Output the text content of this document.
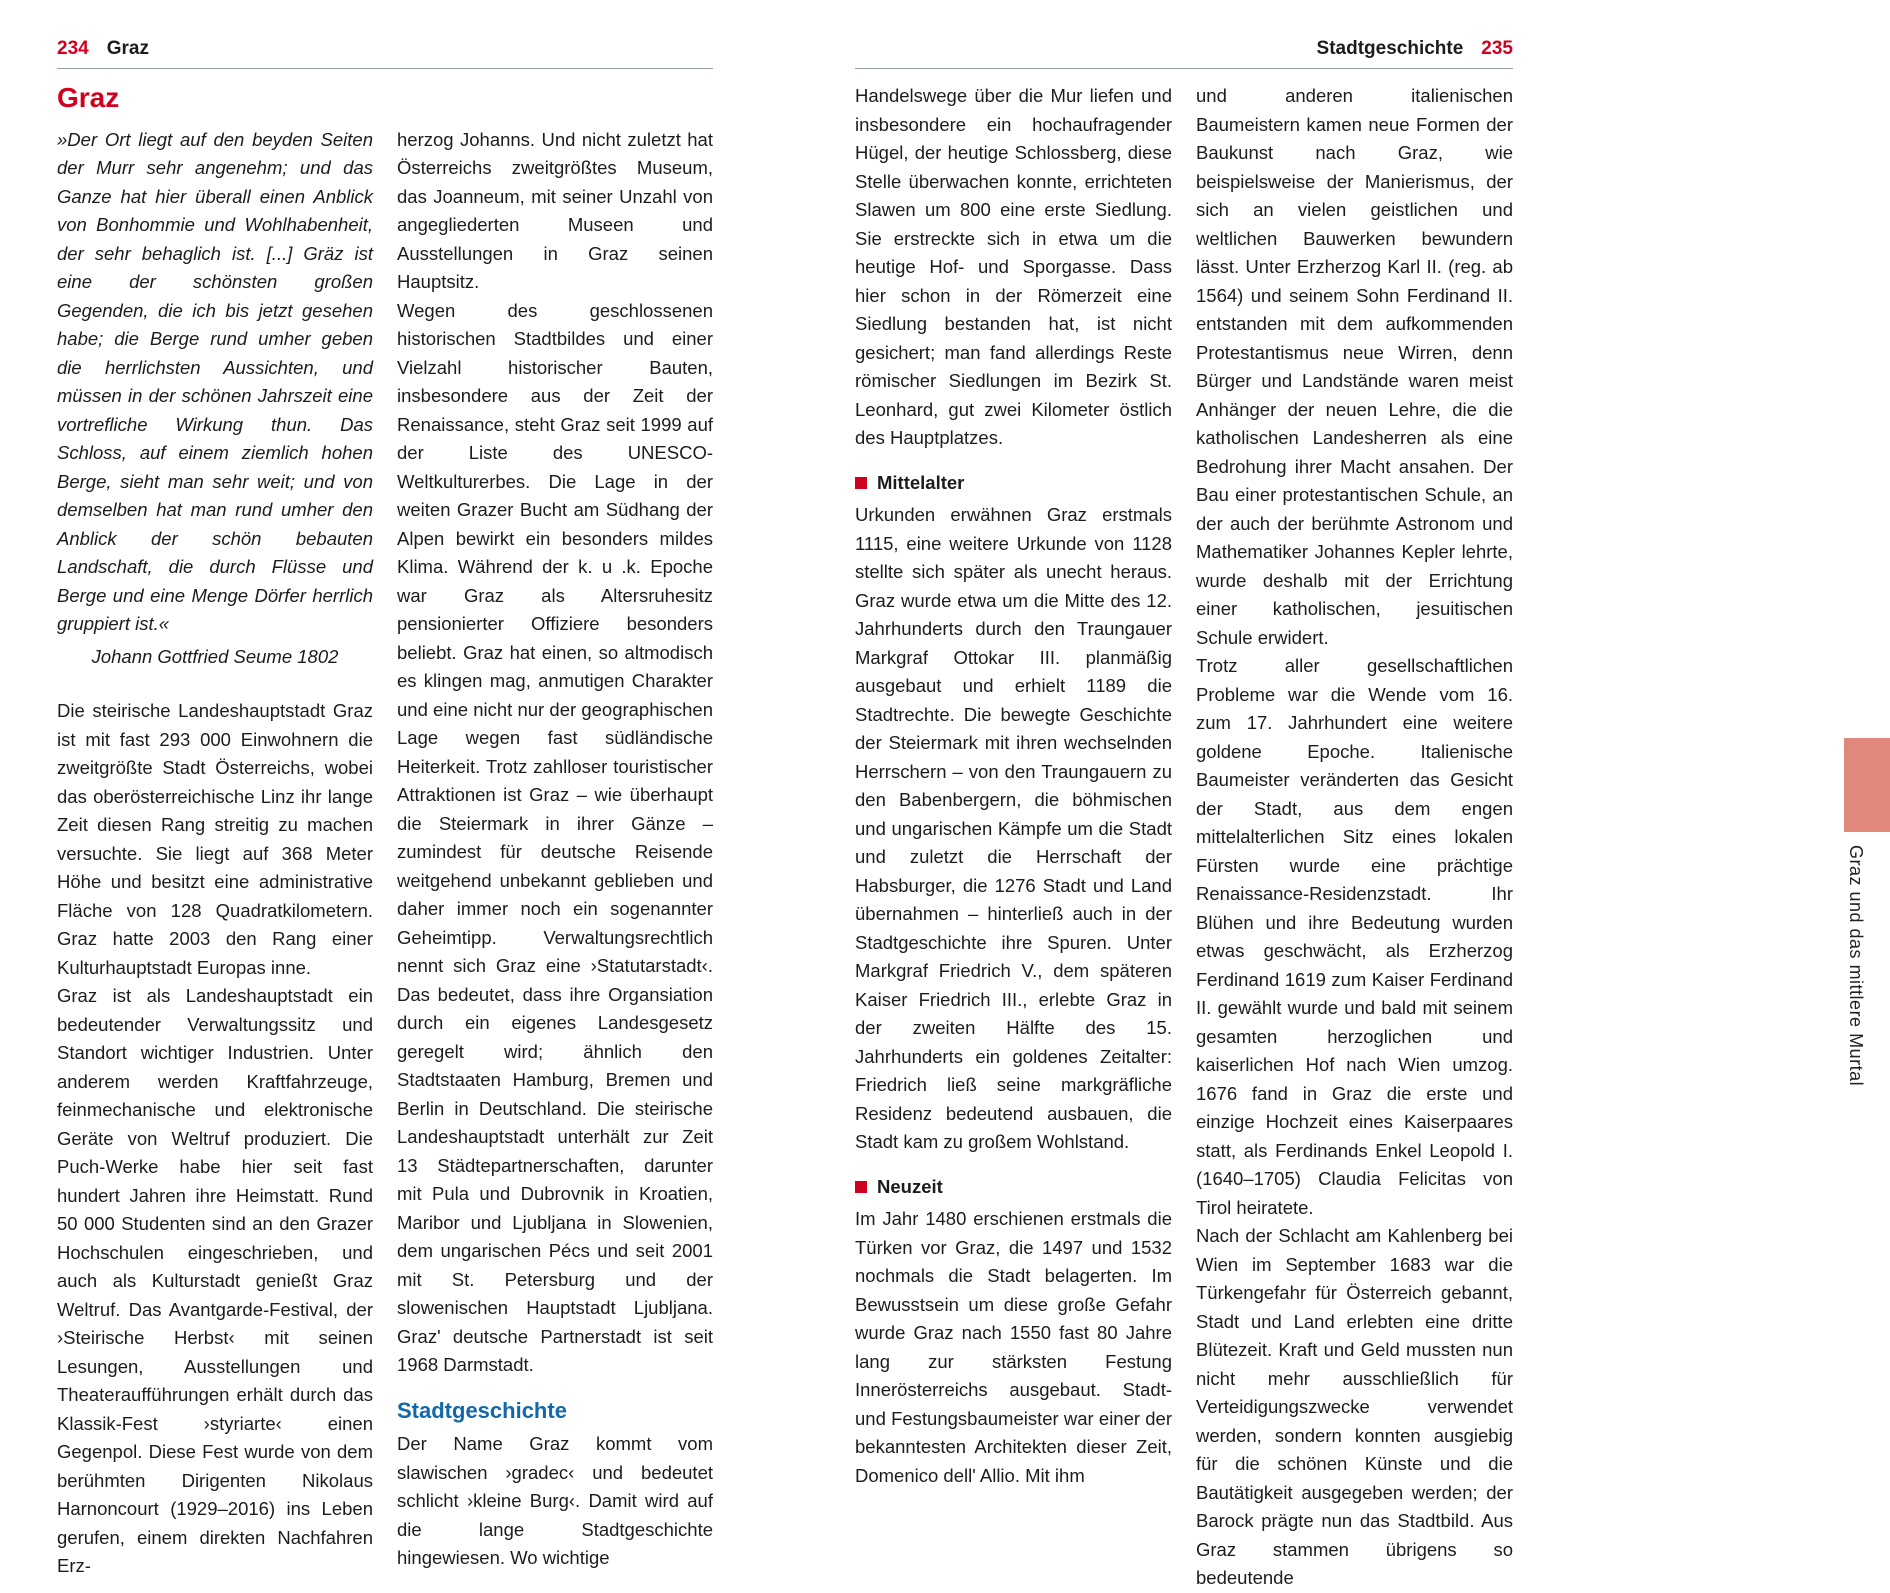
234 Graz
Graz

»Der Ort liegt auf den beyden Seiten der Murr sehr angenehm; und das Ganze hat hier überall einen Anblick von Bonhommie und Wohlhabenheit, der sehr behaglich ist. [...] Gräz ist eine der schönsten großen Gegenden, die ich bis jetzt gesehen habe; die Berge rund umher geben die herrlichsten Aussichten, und müssen in der schönen Jahrszeit eine vortrefliche Wirkung thun. Das Schloss, auf einem ziemlich hohen Berge, sieht man sehr weit; und von demselben hat man rund umher den Anblick der schön bebauten Landschaft, die durch Flüsse und Berge und eine Menge Dörfer herrlich gruppiert ist.«

Johann Gottfried Seume 1802

Die steirische Landeshauptstadt Graz ist mit fast 293 000 Einwohnern die zweitgrößte Stadt Österreichs, wobei das oberösterreichische Linz ihr lange Zeit diesen Rang streitig zu machen versuchte. Sie liegt auf 368 Meter Höhe und besitzt eine administrative Fläche von 128 Quadratkilometern. Graz hatte 2003 den Rang einer Kulturhauptstadt Europas inne.

Graz ist als Landeshauptstadt ein bedeutender Verwaltungssitz und Standort wichtiger Industrien. Unter anderem werden Kraftfahrzeuge, feinmechanische und elektronische Geräte von Weltruf produziert. Die Puch-Werke habe hier seit fast hundert Jahren ihre Heimstatt. Rund 50 000 Studenten sind an den Grazer Hochschulen eingeschrieben, und auch als Kulturstadt genießt Graz Weltruf. Das Avantgarde-Festival, der ›Steirische Herbst‹ mit seinen Lesungen, Ausstellungen und Theateraufführungen erhält durch das Klassik-Fest ›styriarte‹ einen Gegenpol. Diese Fest wurde von dem berühmten Dirigenten Nikolaus Harnoncourt (1929–2016) ins Leben gerufen, einem direkten Nachfahren Erz-

herzog Johanns. Und nicht zuletzt hat Österreichs zweitgrößtes Museum, das Joanneum, mit seiner Unzahl von angegliederten Museen und Ausstellungen in Graz seinen Hauptsitz.

Wegen des geschlossenen historischen Stadtbildes und einer Vielzahl historischer Bauten, insbesondere aus der Zeit der Renaissance, steht Graz seit 1999 auf der Liste des UNESCO-Weltkulturerbes. Die Lage in der weiten Grazer Bucht am Südhang der Alpen bewirkt ein besonders mildes Klima. Während der k. u .k. Epoche war Graz als Altersruhesitz pensionierter Offiziere besonders beliebt. Graz hat einen, so altmodisch es klingen mag, anmutigen Charakter und eine nicht nur der geographischen Lage wegen fast südländische Heiterkeit. Trotz zahlloser touristischer Attraktionen ist Graz – wie überhaupt die Steiermark in ihrer Gänze – zumindest für deutsche Reisende weitgehend unbekannt geblieben und daher immer noch ein sogenannter Geheimtipp. Verwaltungsrechtlich nennt sich Graz eine ›Statutarstadt‹. Das bedeutet, dass ihre Organsiation durch ein eigenes Landesgesetz geregelt wird; ähnlich den Stadtstaaten Hamburg, Bremen und Berlin in Deutschland. Die steirische Landeshauptstadt unterhält zur Zeit 13 Städtepartnerschaften, darunter mit Pula und Dubrovnik in Kroatien, Maribor und Ljubljana in Slowenien, dem ungarischen Pécs und seit 2001 mit St. Petersburg und der slowenischen Hauptstadt Ljubljana. Graz' deutsche Partnerstadt ist seit 1968 Darmstadt.

Stadtgeschichte

Der Name Graz kommt vom slawischen ›gradec‹ und bedeutet schlicht ›kleine Burg‹. Damit wird auf die lange Stadtgeschichte hingewiesen. Wo wichtige

Stadtgeschichte 235

Handelswege über die Mur liefen und insbesondere ein hochaufragender Hügel, der heutige Schlossberg, diese Stelle überwachen konnte, errichteten Slawen um 800 eine erste Siedlung. Sie erstreckte sich in etwa um die heutige Hof- und Sporgasse. Dass hier schon in der Römerzeit eine Siedlung bestanden hat, ist nicht gesichert; man fand allerdings Reste römischer Siedlungen im Bezirk St. Leonhard, gut zwei Kilometer östlich des Hauptplatzes.

Mittelalter

Urkunden erwähnen Graz erstmals 1115, eine weitere Urkunde von 1128 stellte sich später als unecht heraus. Graz wurde etwa um die Mitte des 12. Jahrhunderts durch den Traungauer Markgraf Ottokar III. planmäßig ausgebaut und erhielt 1189 die Stadtrechte. Die bewegte Geschichte der Steiermark mit ihren wechselnden Herrschern – von den Traungauern zu den Babenbergern, die böhmischen und ungarischen Kämpfe um die Stadt und zuletzt die Herrschaft der Habsburger, die 1276 Stadt und Land übernahmen – hinterließ auch in der Stadtgeschichte ihre Spuren. Unter Markgraf Friedrich V., dem späteren Kaiser Friedrich III., erlebte Graz in der zweiten Hälfte des 15. Jahrhunderts ein goldenes Zeitalter: Friedrich ließ seine markgräfliche Residenz bedeutend ausbauen, die Stadt kam zu großem Wohlstand.

Neuzeit

Im Jahr 1480 erschienen erstmals die Türken vor Graz, die 1497 und 1532 nochmals die Stadt belagerten. Im Bewusstsein um diese große Gefahr wurde Graz nach 1550 fast 80 Jahre lang zur stärksten Festung Innerösterreichs ausgebaut. Stadt- und Festungsbaumeister war einer der bekanntesten Architekten dieser Zeit, Domenico dell' Allio. Mit ihm

und anderen italienischen Baumeistern kamen neue Formen der Baukunst nach Graz, wie beispielsweise der Manierismus, der sich an vielen geistlichen und weltlichen Bauwerken bewundern lässt. Unter Erzherzog Karl II. (reg. ab 1564) und seinem Sohn Ferdinand II. entstanden mit dem aufkommenden Protestantismus neue Wirren, denn Bürger und Landstände waren meist Anhänger der neuen Lehre, die die katholischen Landesherren als eine Bedrohung ihrer Macht ansahen. Der Bau einer protestantischen Schule, an der auch der berühmte Astronom und Mathematiker Johannes Kepler lehrte, wurde deshalb mit der Errichtung einer katholischen, jesuitischen Schule erwidert.

Trotz aller gesellschaftlichen Probleme war die Wende vom 16. zum 17. Jahrhundert eine weitere goldene Epoche. Italienische Baumeister veränderten das Gesicht der Stadt, aus dem engen mittelalterlichen Sitz eines lokalen Fürsten wurde eine prächtige Renaissance-Residenzstadt. Ihr Blühen und ihre Bedeutung wurden etwas geschwächt, als Erzherzog Ferdinand 1619 zum Kaiser Ferdinand II. gewählt wurde und bald mit seinem gesamten herzoglichen und kaiserlichen Hof nach Wien umzog. 1676 fand in Graz die erste und einzige Hochzeit eines Kaiserpaares statt, als Ferdinands Enkel Leopold I. (1640–1705) Claudia Felicitas von Tirol heiratete.

Nach der Schlacht am Kahlenberg bei Wien im September 1683 war die Türkengefahr für Österreich gebannt, Stadt und Land erlebten eine dritte Blütezeit. Kraft und Geld mussten nun nicht mehr ausschließlich für Verteidigungszwecke verwendet werden, sondern konnten ausgiebig für die schönen Künste und die Bautätigkeit ausgegeben werden; der Barock prägte nun das Stadtbild. Aus Graz stammen übrigens so bedeutende

Graz und das mittlere Murtal
